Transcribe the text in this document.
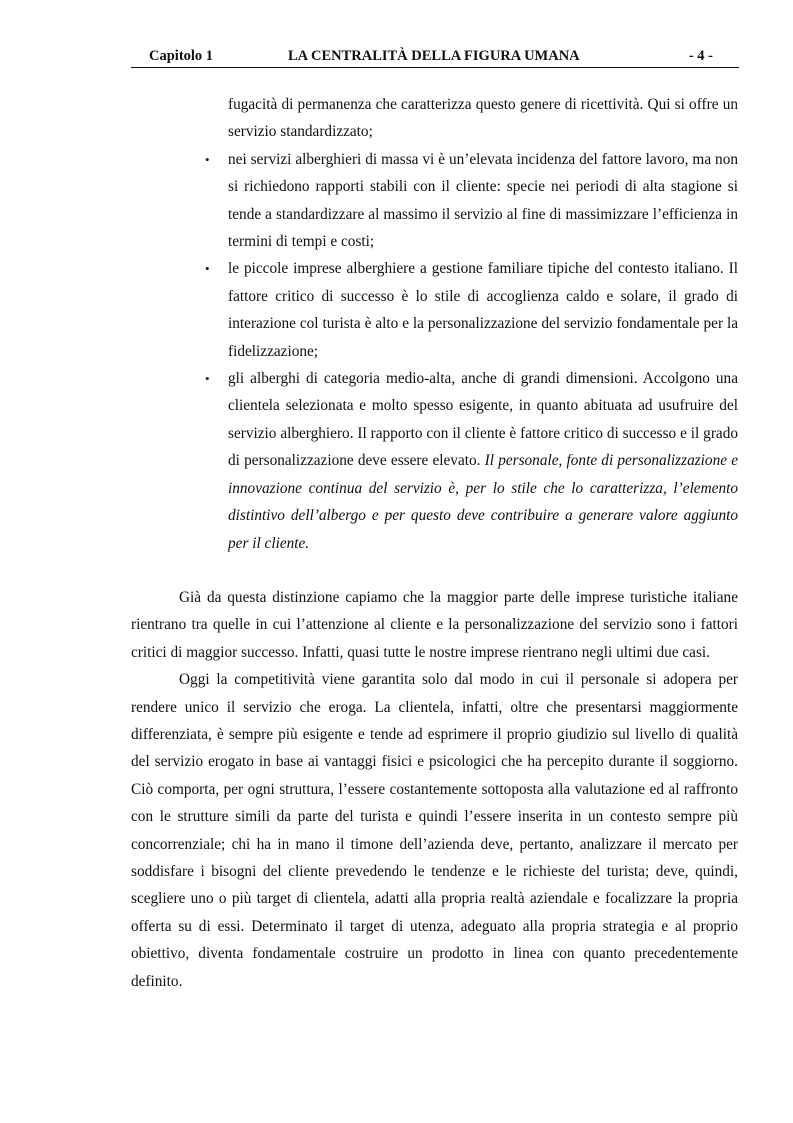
Capitolo 1	LA CENTRALITÀ DELLA FIGURA UMANA	- 4 -

fugacità di permanenza che caratterizza questo genere di ricettività. Qui si offre un servizio standardizzato;

• nei servizi alberghieri di massa vi è un’elevata incidenza del fattore lavoro, ma non si richiedono rapporti stabili con il cliente: specie nei periodi di alta stagione si tende a standardizzare al massimo il servizio al fine di massimizzare l’efficienza in termini di tempi e costi;
• le piccole imprese alberghiere a gestione familiare tipiche del contesto italiano. Il fattore critico di successo è lo stile di accoglienza caldo e solare, il grado di interazione col turista è alto e la personalizzazione del servizio fondamentale per la fidelizzazione;
• gli alberghi di categoria medio-alta, anche di grandi dimensioni. Accolgono una clientela selezionata e molto spesso esigente, in quanto abituata ad usufruire del servizio alberghiero. Il rapporto con il cliente è fattore critico di successo e il grado di personalizzazione deve essere elevato. Il personale, fonte di personalizzazione e innovazione continua del servizio è, per lo stile che lo caratterizza, l’elemento distintivo dell’albergo e per questo deve contribuire a generare valore aggiunto per il cliente.

Già da questa distinzione capiamo che la maggior parte delle imprese turistiche italiane rientrano tra quelle in cui l’attenzione al cliente e la personalizzazione del servizio sono i fattori critici di maggior successo. Infatti, quasi tutte le nostre imprese rientrano negli ultimi due casi.

Oggi la competitività viene garantita solo dal modo in cui il personale si adopera per rendere unico il servizio che eroga. La clientela, infatti, oltre che presentarsi maggiormente differenziata, è sempre più esigente e tende ad esprimere il proprio giudizio sul livello di qualità del servizio erogato in base ai vantaggi fisici e psicologici che ha percepito durante il soggiorno. Ciò comporta, per ogni struttura, l’essere costantemente sottoposta alla valutazione ed al raffronto con le strutture simili da parte del turista e quindi l’essere inserita in un contesto sempre più concorrenziale; chi ha in mano il timone dell’azienda deve, pertanto, analizzare il mercato per soddisfare i bisogni del cliente prevedendo le tendenze e le richieste del turista; deve, quindi, scegliere uno o più target di clientela, adatti alla propria realtà aziendale e focalizzare la propria offerta su di essi. Determinato il target di utenza, adeguato alla propria strategia e al proprio obiettivo, diventa fondamentale costruire un prodotto in linea con quanto precedentemente definito.
